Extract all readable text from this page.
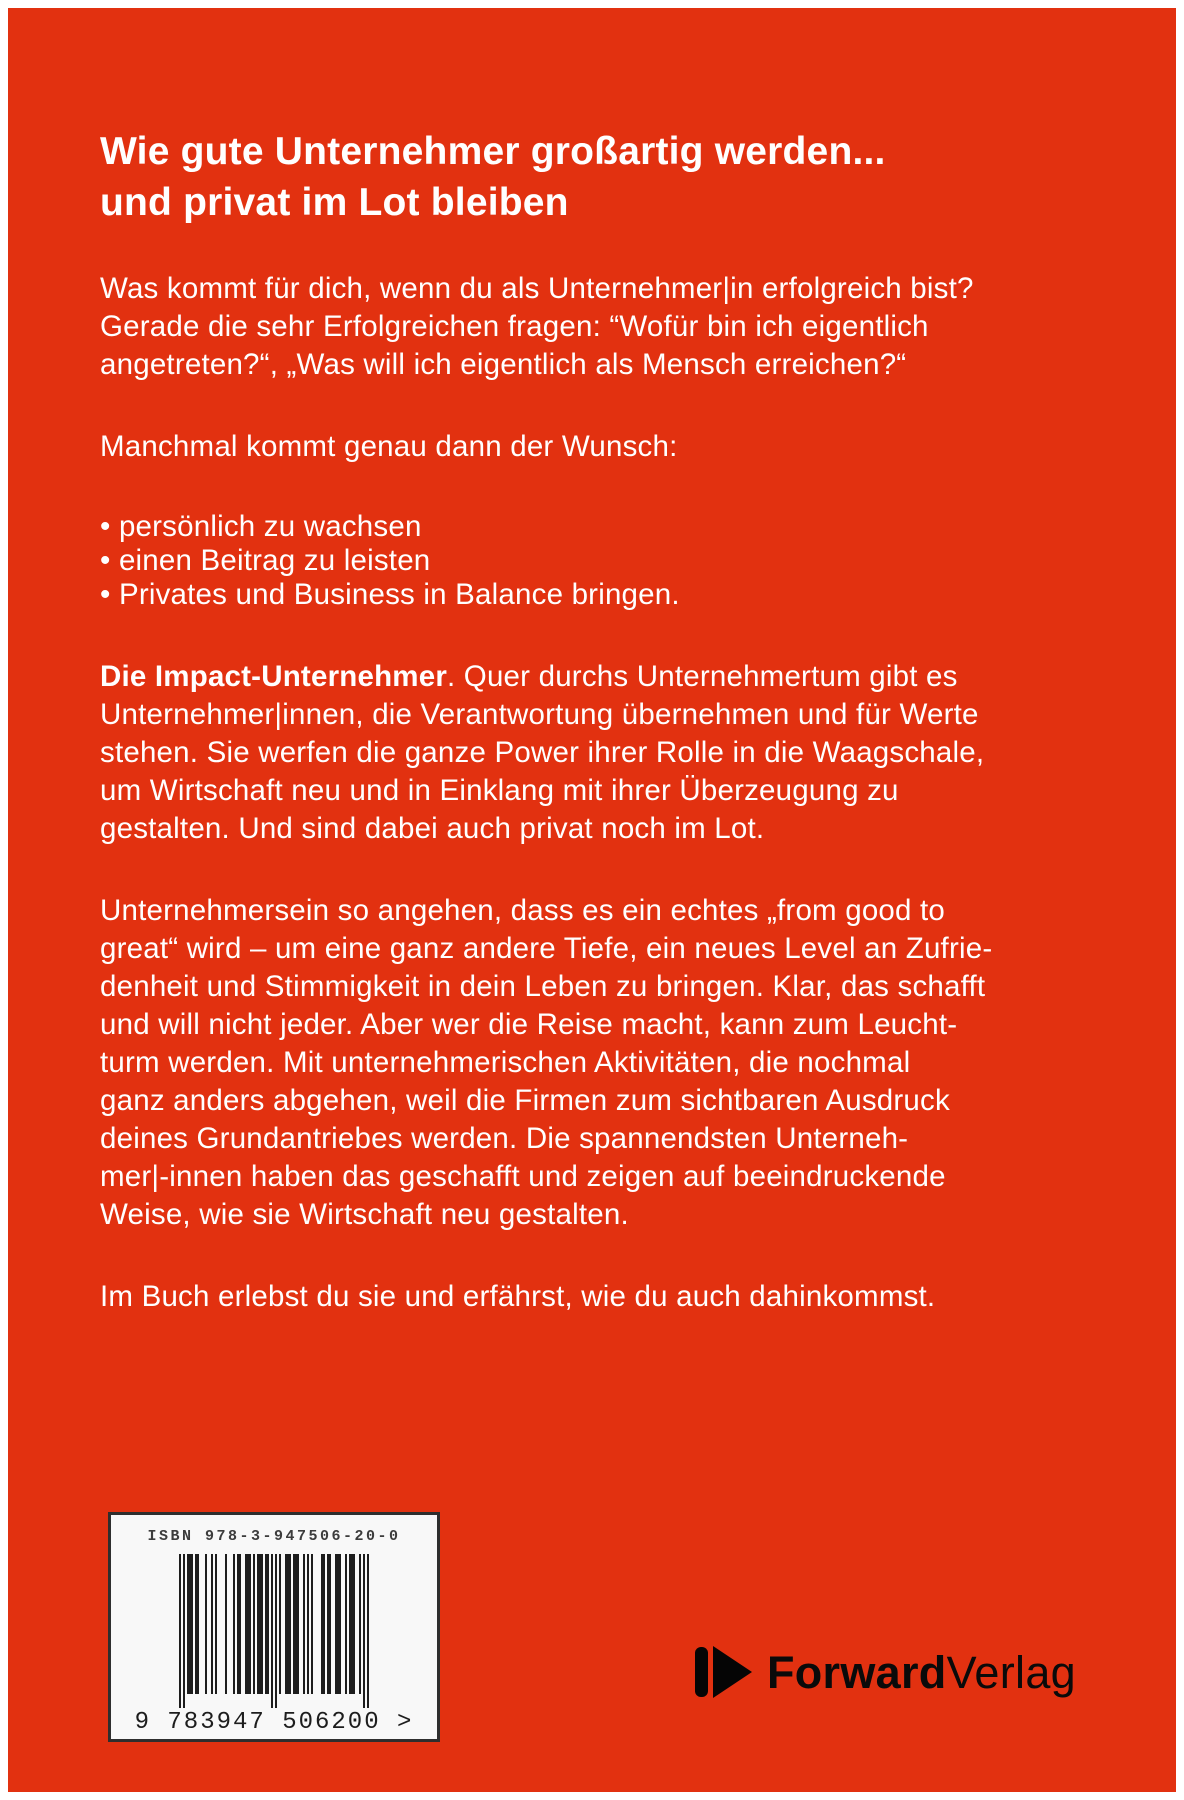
Wie gute Unternehmer großartig werden...
und privat im Lot bleiben

Was kommt für dich, wenn du als Unternehmer|in erfolgreich bist?
Gerade die sehr Erfolgreichen fragen: “Wofür bin ich eigentlich
angetreten?“, „Was will ich eigentlich als Mensch erreichen?“

Manchmal kommt genau dann der Wunsch:

• persönlich zu wachsen
• einen Beitrag zu leisten
• Privates und Business in Balance bringen.

Die Impact-Unternehmer. Quer durchs Unternehmertum gibt es
Unternehmer|innen, die Verantwortung übernehmen und für Werte
stehen. Sie werfen die ganze Power ihrer Rolle in die Waagschale,
um Wirtschaft neu und in Einklang mit ihrer Überzeugung zu
gestalten. Und sind dabei auch privat noch im Lot.

Unternehmersein so angehen, dass es ein echtes „from good to
great“ wird – um eine ganz andere Tiefe, ein neues Level an Zufrie-
denheit und Stimmigkeit in dein Leben zu bringen. Klar, das schafft
und will nicht jeder. Aber wer die Reise macht, kann zum Leucht-
turm werden. Mit unternehmerischen Aktivitäten, die nochmal
ganz anders abgehen, weil die Firmen zum sichtbaren Ausdruck
deines Grundantriebes werden. Die spannendsten Unterneh-
mer|-innen haben das geschafft und zeigen auf beeindruckende
Weise, wie sie Wirtschaft neu gestalten.

Im Buch erlebst du sie und erfährst, wie du auch dahinkommst.

ISBN 978-3-947506-20-0
9 783947 506200 >
ForwardVerlag
